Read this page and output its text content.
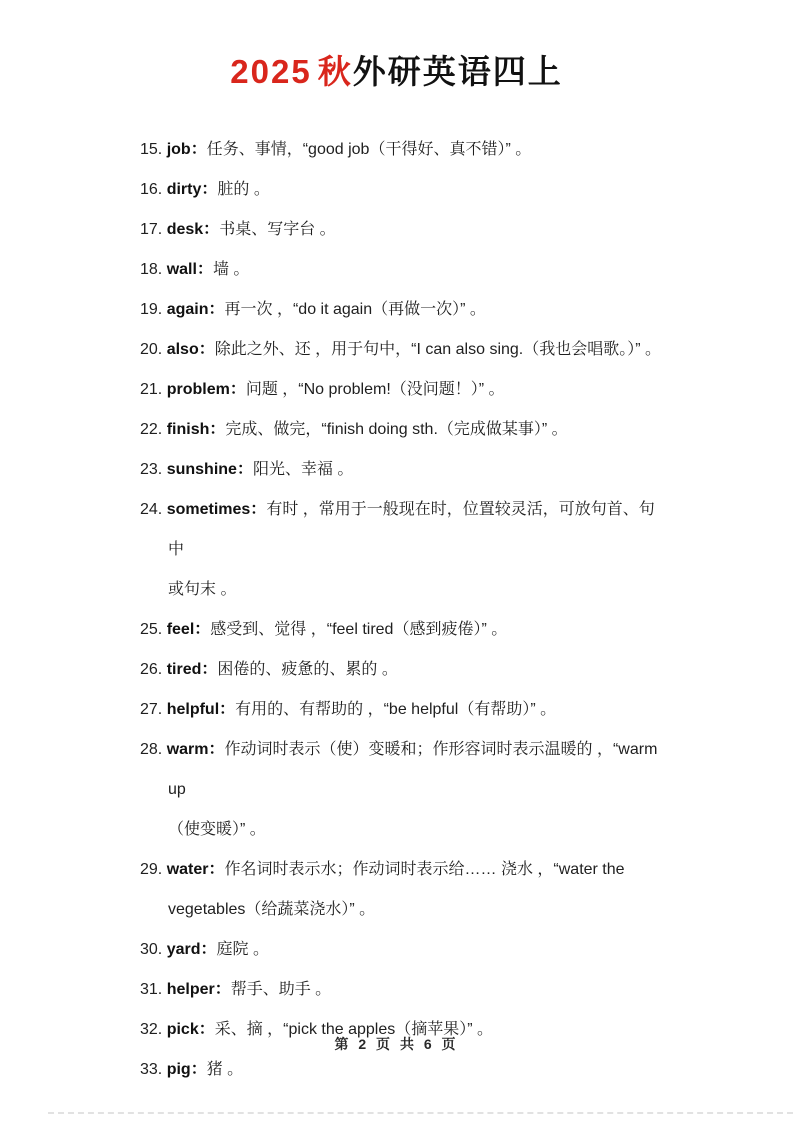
2025 秋外研英语四上

15. job：任务、事情，“good job（干得好、真不错）” 。

16. dirty：脏的 。

17. desk：书桌、写字台 。

18. wall：墙 。

19. again：再一次 ，“do it again（再做一次）” 。

20. also：除此之外、还 ，用于句中，“I can also sing.（我也会唱歌。）” 。

21. problem：问题 ，“No problem!（没问题！）” 。

22. finish：完成、做完，“finish doing sth.（完成做某事）” 。

23. sunshine：阳光、幸福 。

24. sometimes：有时 ，常用于一般现在时，位置较灵活，可放句首、句中
或句末 。

25. feel：感受到、觉得 ，“feel tired（感到疲倦）” 。

26. tired：困倦的、疲惫的、累的 。

27. helpful：有用的、有帮助的 ，“be helpful（有帮助）” 。

28. warm：作动词时表示（使）变暖和；作形容词时表示温暖的 ，“warm up
（使变暖）” 。

29. water：作名词时表示水；作动词时表示给…… 浇水 ，“water the
vegetables（给蔬菜浇水）” 。

30. yard：庭院 。

31. helper：帮手、助手 。

32. pick：采、摘 ，“pick the apples（摘苹果）” 。

33. pig：猪 。

第 2 页 共 6 页
